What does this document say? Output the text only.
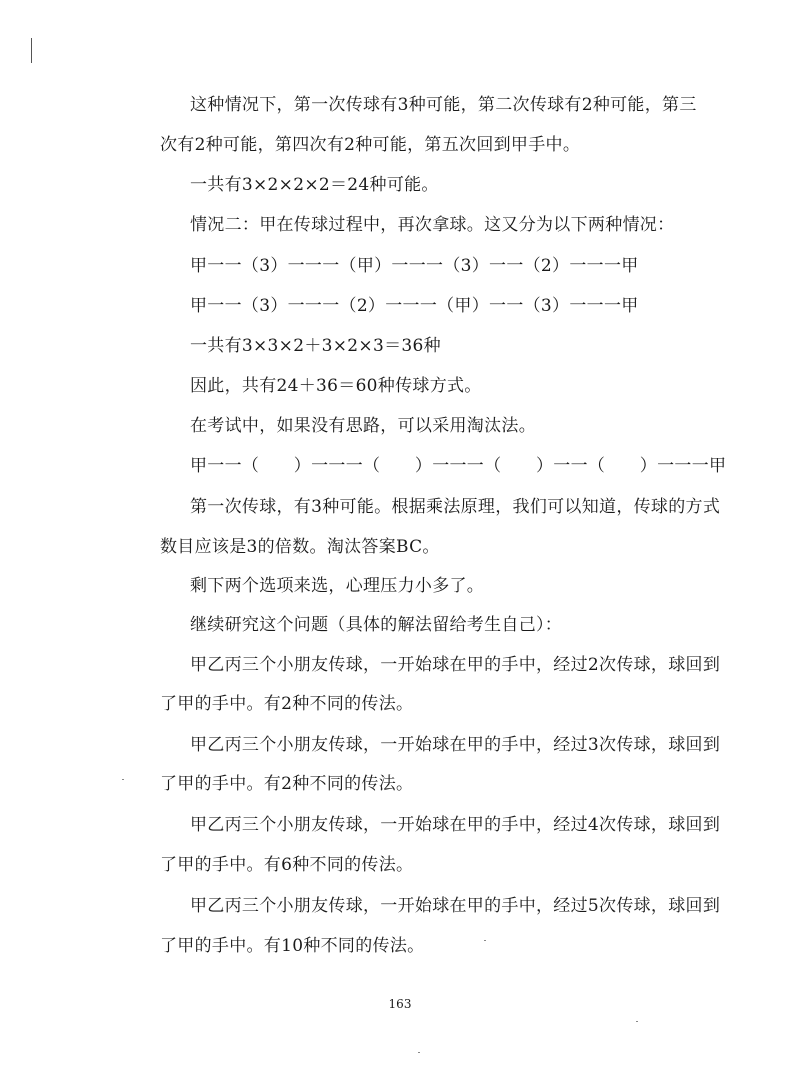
这种情况下，第一次传球有3种可能，第二次传球有2种可能，第三
次有2种可能，第四次有2种可能，第五次回到甲手中。
一共有3×2×2×2＝24种可能。
情况二：甲在传球过程中，再次拿球。这又分为以下两种情况：
甲一一（3）一一一（甲）一一一（3）一一（2）一一一甲
甲一一（3）一一一（2）一一一（甲）一一（3）一一一甲
一共有3×3×2＋3×2×3＝36种
因此，共有24＋36＝60种传球方式。
在考试中，如果没有思路，可以采用淘汰法。
甲一一（　　）一一一（　　）一一一（　　）一一（　　）一一一甲
第一次传球，有3种可能。根据乘法原理，我们可以知道，传球的方式
数目应该是3的倍数。淘汰答案BC。
剩下两个选项来选，心理压力小多了。
继续研究这个问题（具体的解法留给考生自己）：
甲乙丙三个小朋友传球，一开始球在甲的手中，经过2次传球，球回到
了甲的手中。有2种不同的传法。
甲乙丙三个小朋友传球，一开始球在甲的手中，经过3次传球，球回到
了甲的手中。有2种不同的传法。
甲乙丙三个小朋友传球，一开始球在甲的手中，经过4次传球，球回到
了甲的手中。有6种不同的传法。
甲乙丙三个小朋友传球，一开始球在甲的手中，经过5次传球，球回到
了甲的手中。有10种不同的传法。
163
